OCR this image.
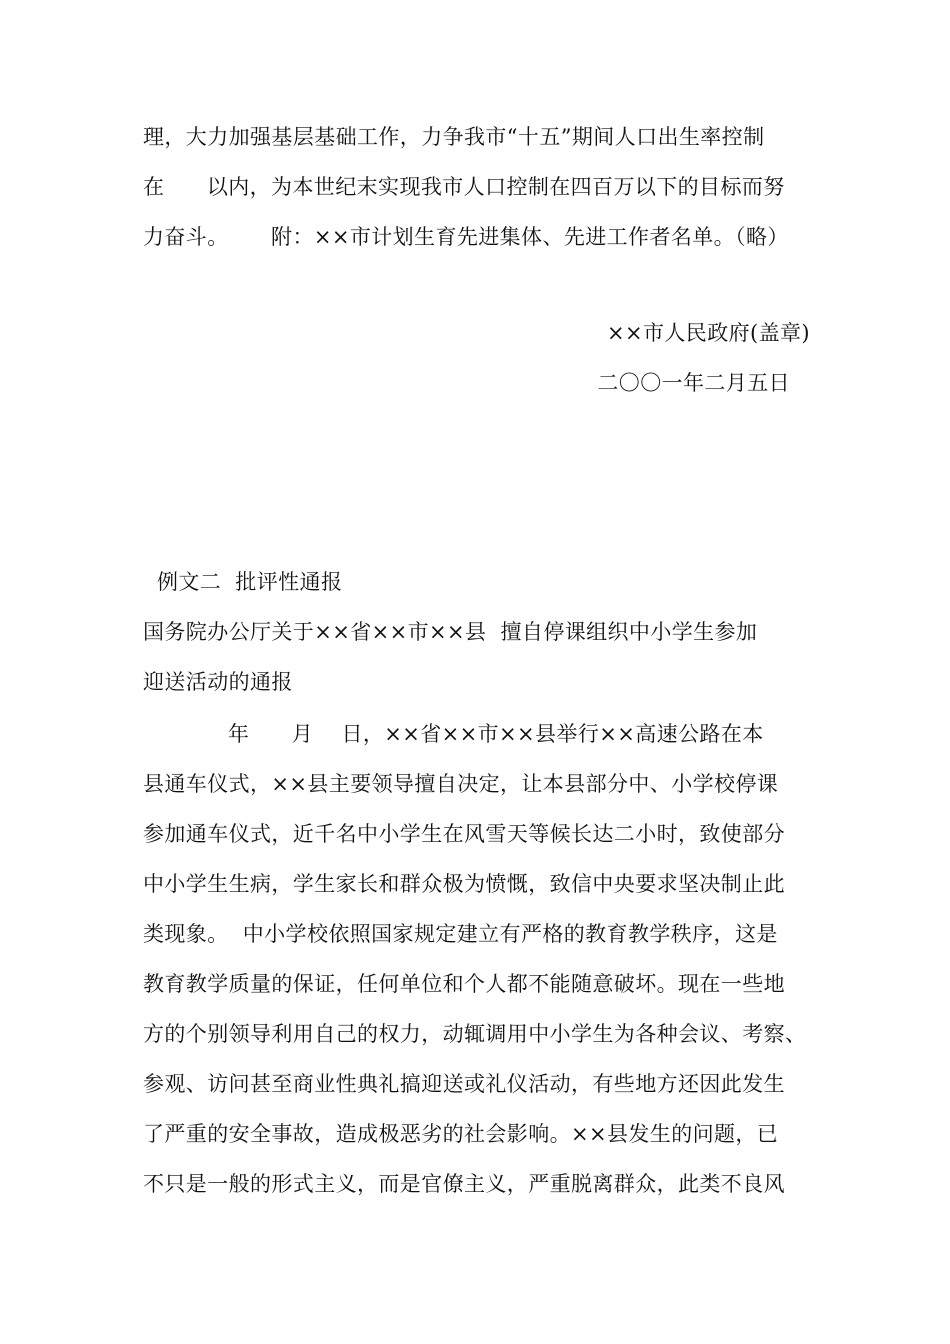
理，大力加强基层基础工作，力争我市“十五”期间人口出生率控制
在      以内，为本世纪末实现我市人口控制在四百万以下的目标而努
力奋斗。      附：××市计划生育先进集体、先进工作者名单。（略）
××市人民政府(盖章)
二〇〇一年二月五日
例文二  批评性通报
国务院办公厅关于××省××市××县  擅自停课组织中小学生参加
迎送活动的通报
年      月    日，××省××市××县举行××高速公路在本
县通车仪式，××县主要领导擅自决定，让本县部分中、小学校停课
参加通车仪式，近千名中小学生在风雪天等候长达二小时，致使部分
中小学生生病，学生家长和群众极为愤慨，致信中央要求坚决制止此
类现象。  中小学校依照国家规定建立有严格的教育教学秩序，这是
教育教学质量的保证，任何单位和个人都不能随意破坏。现在一些地
方的个别领导利用自己的权力，动辄调用中小学生为各种会议、考察、
参观、访问甚至商业性典礼搞迎送或礼仪活动，有些地方还因此发生
了严重的安全事故，造成极恶劣的社会影响。××县发生的问题，已
不只是一般的形式主义，而是官僚主义，严重脱离群众，此类不良风
